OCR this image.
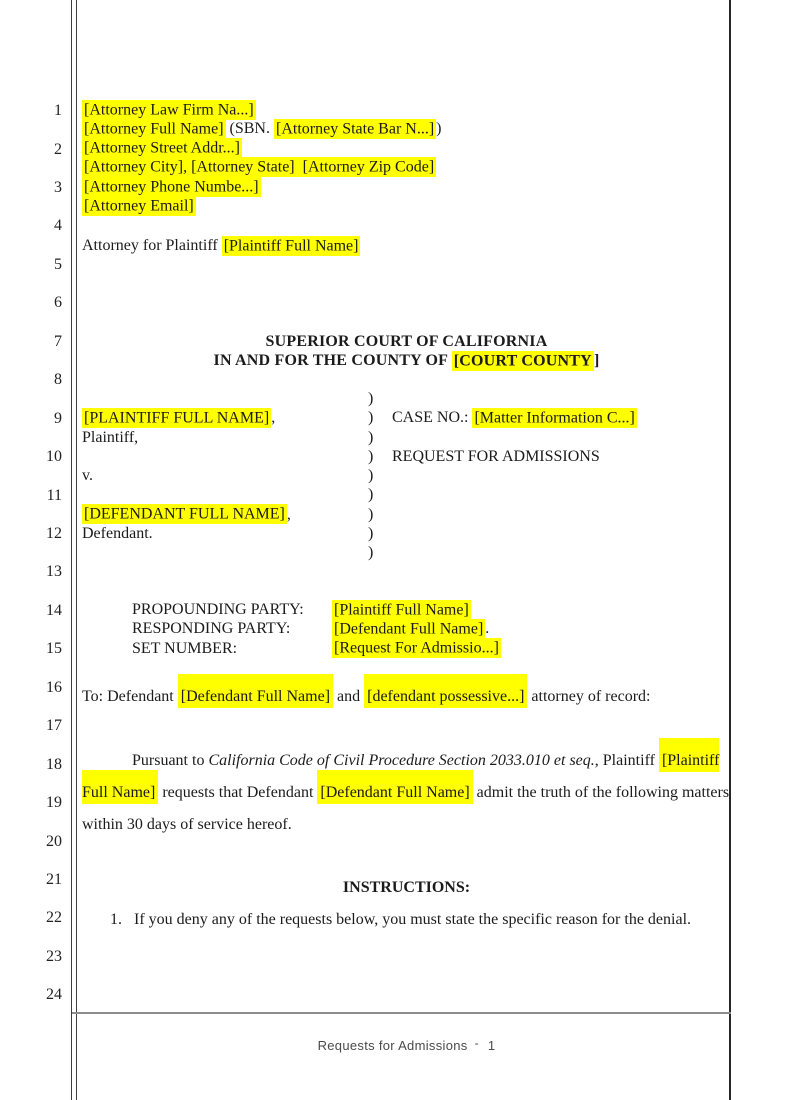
1
2
3
4
5
6
7
8
9
10
11
12
13
14
15
16
17
18
19
20
21
22
23
24
[Attorney Law Firm Na...]
[Attorney Full Name] (SBN. [Attorney State Bar N...] )
[Attorney Street Addr...]
[Attorney City], [Attorney State]  [Attorney Zip Code]
[Attorney Phone Numbe...]
[Attorney Email]
Attorney for Plaintiff [Plaintiff Full Name]
SUPERIOR COURT OF CALIFORNIA
IN AND FOR THE COUNTY OF [COURT COUNTY ]
)
[PLAINTIFF FULL NAME] ,	)	CASE NO.: [Matter Information C...]
Plaintiff,	)
)	REQUEST FOR ADMISSIONS
v.	)
)
[DEFENDANT FULL NAME] ,	)
Defendant.	)
)
PROPOUNDING PARTY:	[Plaintiff Full Name]
RESPONDING PARTY:	[Defendant Full Name] .
SET NUMBER:	[Request For Admissio...]
To: Defendant [Defendant Full Name] and [defendant possessive...] attorney of record:
Pursuant to California Code of Civil Procedure Section 2033.010 et seq., Plaintiff [Plaintiff Full Name] requests that Defendant [Defendant Full Name] admit the truth of the following matters within 30 days of service hereof.
INSTRUCTIONS:
1. If you deny any of the requests below, you must state the specific reason for the denial.
Requests for Admissions - 1
